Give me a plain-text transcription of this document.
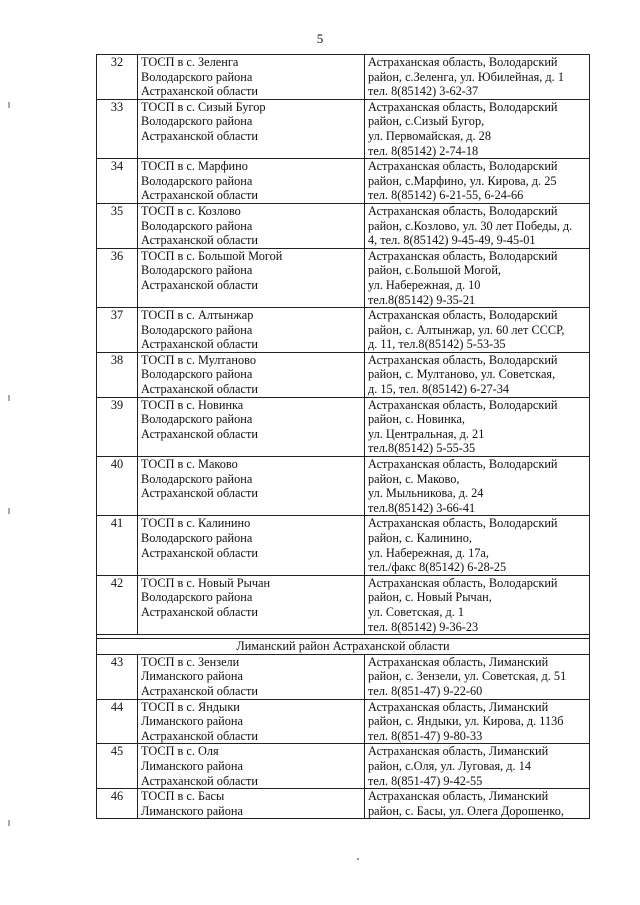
5
32	ТОСП в с. Зеленга
Володарского района
Астраханской области	Астраханская область, Володарский
район, с.Зеленга, ул. Юбилейная, д. 1
тел. 8(85142) 3-62-37

33	ТОСП в с. Сизый Бугор
Володарского района
Астраханской области	Астраханская область, Володарский
район, с.Сизый Бугор,
ул. Первомайская, д. 28
тел. 8(85142) 2-74-18

34	ТОСП в с. Марфино
Володарского района
Астраханской области	Астраханская область, Володарский
район, с.Марфино, ул. Кирова, д. 25
тел. 8(85142) 6-21-55, 6-24-66

35	ТОСП в с. Козлово
Володарского района
Астраханской области	Астраханская область, Володарский
район, с.Козлово, ул. 30 лет Победы, д.
4, тел. 8(85142) 9-45-49, 9-45-01

36	ТОСП в с. Большой Могой
Володарского района
Астраханской области	Астраханская область, Володарский
район, с.Большой Могой,
ул. Набережная, д. 10
тел.8(85142) 9-35-21

37	ТОСП в с. Алтынжар
Володарского района
Астраханской области	Астраханская область, Володарский
район, с. Алтынжар, ул. 60 лет СССР,
д. 11, тел.8(85142) 5-53-35

38	ТОСП в с. Мултаново
Володарского района
Астраханской области	Астраханская область, Володарский
район, с. Мултаново, ул. Советская,
д. 15, тел. 8(85142) 6-27-34

39	ТОСП в с. Новинка
Володарского района
Астраханской области	Астраханская область, Володарский
район, с. Новинка,
ул. Центральная, д. 21
тел.8(85142) 5-55-35

40	ТОСП в с. Маково
Володарского района
Астраханской области	Астраханская область, Володарский
район, с. Маково,
ул. Мыльникова, д. 24
тел.8(85142) 3-66-41

41	ТОСП в с. Калинино
Володарского района
Астраханской области	Астраханская область, Володарский
район, с. Калинино,
ул. Набережная, д. 17а,
тел./факс 8(85142) 6-28-25

42	ТОСП в с. Новый Рычан
Володарского района
Астраханской области	Астраханская область, Володарский
район, с. Новый Рычан,
ул. Советская, д. 1
тел. 8(85142) 9-36-23

Лиманский район Астраханской области		
43	ТОСП в с. Зензели
Лиманского района
Астраханской области	Астраханская область, Лиманский
район, с. Зензели, ул. Советская, д. 51
тел. 8(851-47) 9-22-60

44	ТОСП в с. Яндыки
Лиманского района
Астраханской области	Астраханская область, Лиманский
район, с. Яндыки, ул. Кирова, д. 113б
тел. 8(851-47) 9-80-33

45	ТОСП в с. Оля
Лиманского района
Астраханской области	Астраханская область, Лиманский
район, с.Оля, ул. Луговая, д. 14
тел. 8(851-47) 9-42-55

46	ТОСП в с. Басы
Лиманского района	Астраханская область, Лиманский
район, с. Басы, ул. Олега Дорошенко,
